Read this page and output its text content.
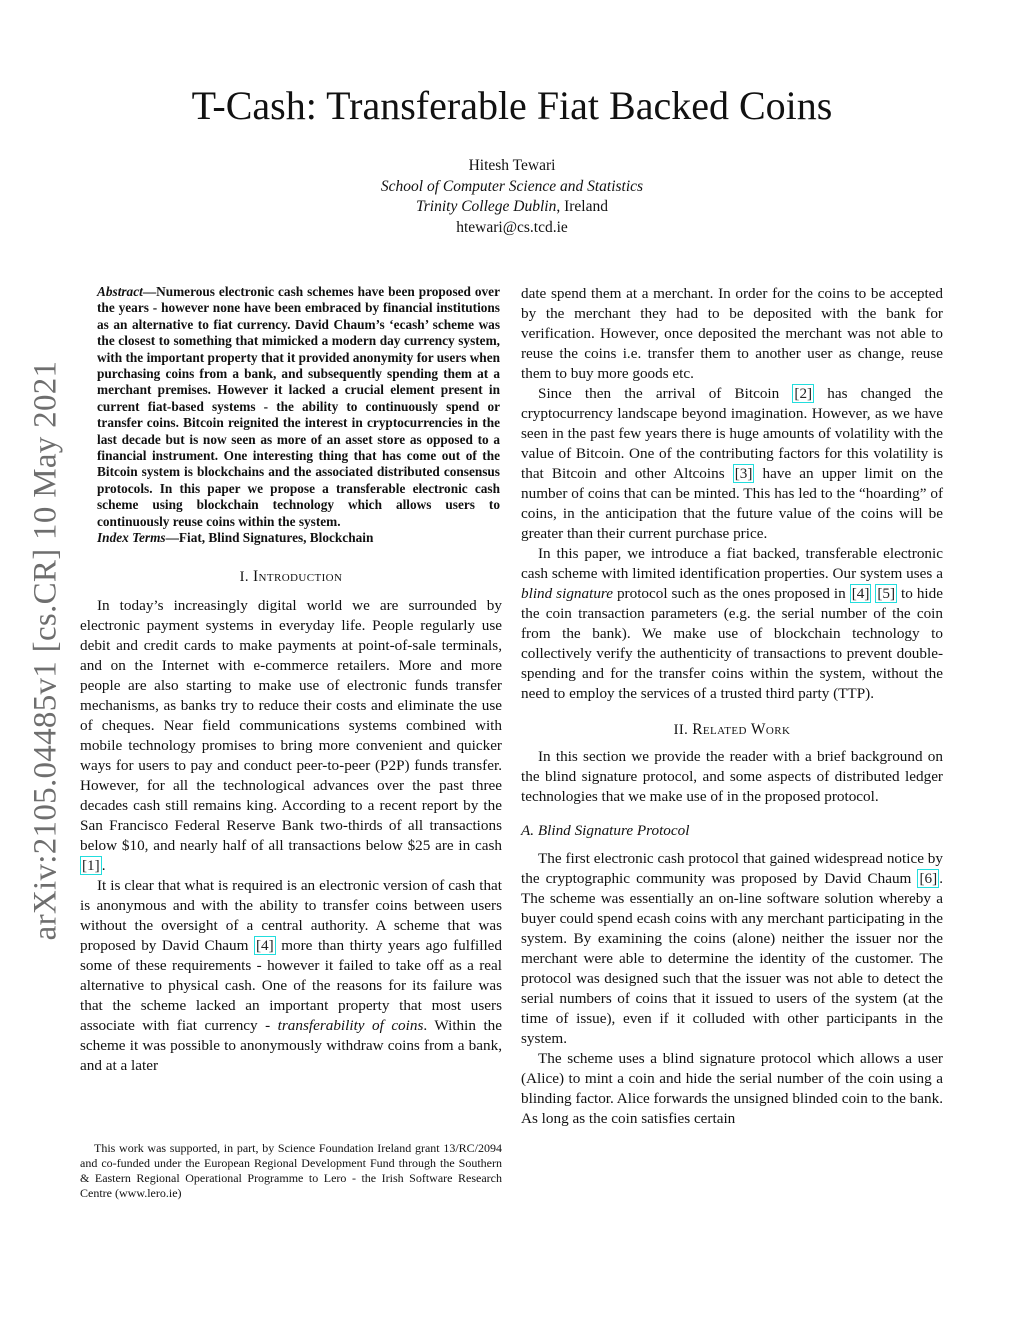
arXiv:2105.04485v1 [cs.CR] 10 May 2021
T-Cash: Transferable Fiat Backed Coins
Hitesh Tewari
School of Computer Science and Statistics
Trinity College Dublin, Ireland
htewari@cs.tcd.ie

Abstract—Numerous electronic cash schemes have been proposed over the years - however none have been embraced by financial institutions as an alternative to fiat currency. David Chaum’s ‘ecash’ scheme was the closest to something that mimicked a modern day currency system, with the important property that it provided anonymity for users when purchasing coins from a bank, and subsequently spending them at a merchant premises. However it lacked a crucial element present in current fiat-based systems - the ability to continuously spend or transfer coins. Bitcoin reignited the interest in cryptocurrencies in the last decade but is now seen as more of an asset store as opposed to a financial instrument. One interesting thing that has come out of the Bitcoin system is blockchains and the associated distributed consensus protocols. In this paper we propose a transferable electronic cash scheme using blockchain technology which allows users to continuously reuse coins within the system.

Index Terms—Fiat, Blind Signatures, Blockchain

I. Introduction

In today’s increasingly digital world we are surrounded by electronic payment systems in everyday life. People regularly use debit and credit cards to make payments at point-of-sale terminals, and on the Internet with e-commerce retailers. More and more people are also starting to make use of electronic funds transfer mechanisms, as banks try to reduce their costs and eliminate the use of cheques. Near field communications systems combined with mobile technology promises to bring more convenient and quicker ways for users to pay and conduct peer-to-peer (P2P) funds transfer. However, for all the technological advances over the past three decades cash still remains king. According to a recent report by the San Francisco Federal Reserve Bank two-thirds of all transactions below $10, and nearly half of all transactions below $25 are in cash [1] .

It is clear that what is required is an electronic version of cash that is anonymous and with the ability to transfer coins between users without the oversight of a central authority. A scheme that was proposed by David Chaum [4] more than thirty years ago fulfilled some of these requirements - however it failed to take off as a real alternative to physical cash. One of the reasons for its failure was that the scheme lacked an important property that most users associate with fiat currency - transferability of coins. Within the scheme it was possible to anonymously withdraw coins from a bank, and at a later

This work was supported, in part, by Science Foundation Ireland grant 13/RC/2094 and co-funded under the European Regional Development Fund through the Southern & Eastern Regional Operational Programme to Lero - the Irish Software Research Centre (www.lero.ie)

date spend them at a merchant. In order for the coins to be accepted by the merchant they had to be deposited with the bank for verification. However, once deposited the merchant was not able to reuse the coins i.e. transfer them to another user as change, reuse them to buy more goods etc.

Since then the arrival of Bitcoin [2] has changed the cryptocurrency landscape beyond imagination. However, as we have seen in the past few years there is huge amounts of volatility with the value of Bitcoin. One of the contributing factors for this volatility is that Bitcoin and other Altcoins [3] have an upper limit on the number of coins that can be minted. This has led to the “hoarding” of coins, in the anticipation that the future value of the coins will be greater than their current purchase price.

In this paper, we introduce a fiat backed, transferable electronic cash scheme with limited identification properties. Our system uses a blind signature protocol such as the ones proposed in [4] [5] to hide the coin transaction parameters (e.g. the serial number of the coin from the bank). We make use of blockchain technology to collectively verify the authenticity of transactions to prevent double-spending and for the transfer coins within the system, without the need to employ the services of a trusted third party (TTP).

II. Related Work

In this section we provide the reader with a brief background on the blind signature protocol, and some aspects of distributed ledger technologies that we make use of in the proposed protocol.

A. Blind Signature Protocol

The first electronic cash protocol that gained widespread notice by the cryptographic community was proposed by David Chaum [6] . The scheme was essentially an on-line software solution whereby a buyer could spend ecash coins with any merchant participating in the system. By examining the coins (alone) neither the issuer nor the merchant were able to determine the identity of the customer. The protocol was designed such that the issuer was not able to detect the serial numbers of coins that it issued to users of the system (at the time of issue), even if it colluded with other participants in the system.

The scheme uses a blind signature protocol which allows a user (Alice) to mint a coin and hide the serial number of the coin using a blinding factor. Alice forwards the unsigned blinded coin to the bank. As long as the coin satisfies certain
